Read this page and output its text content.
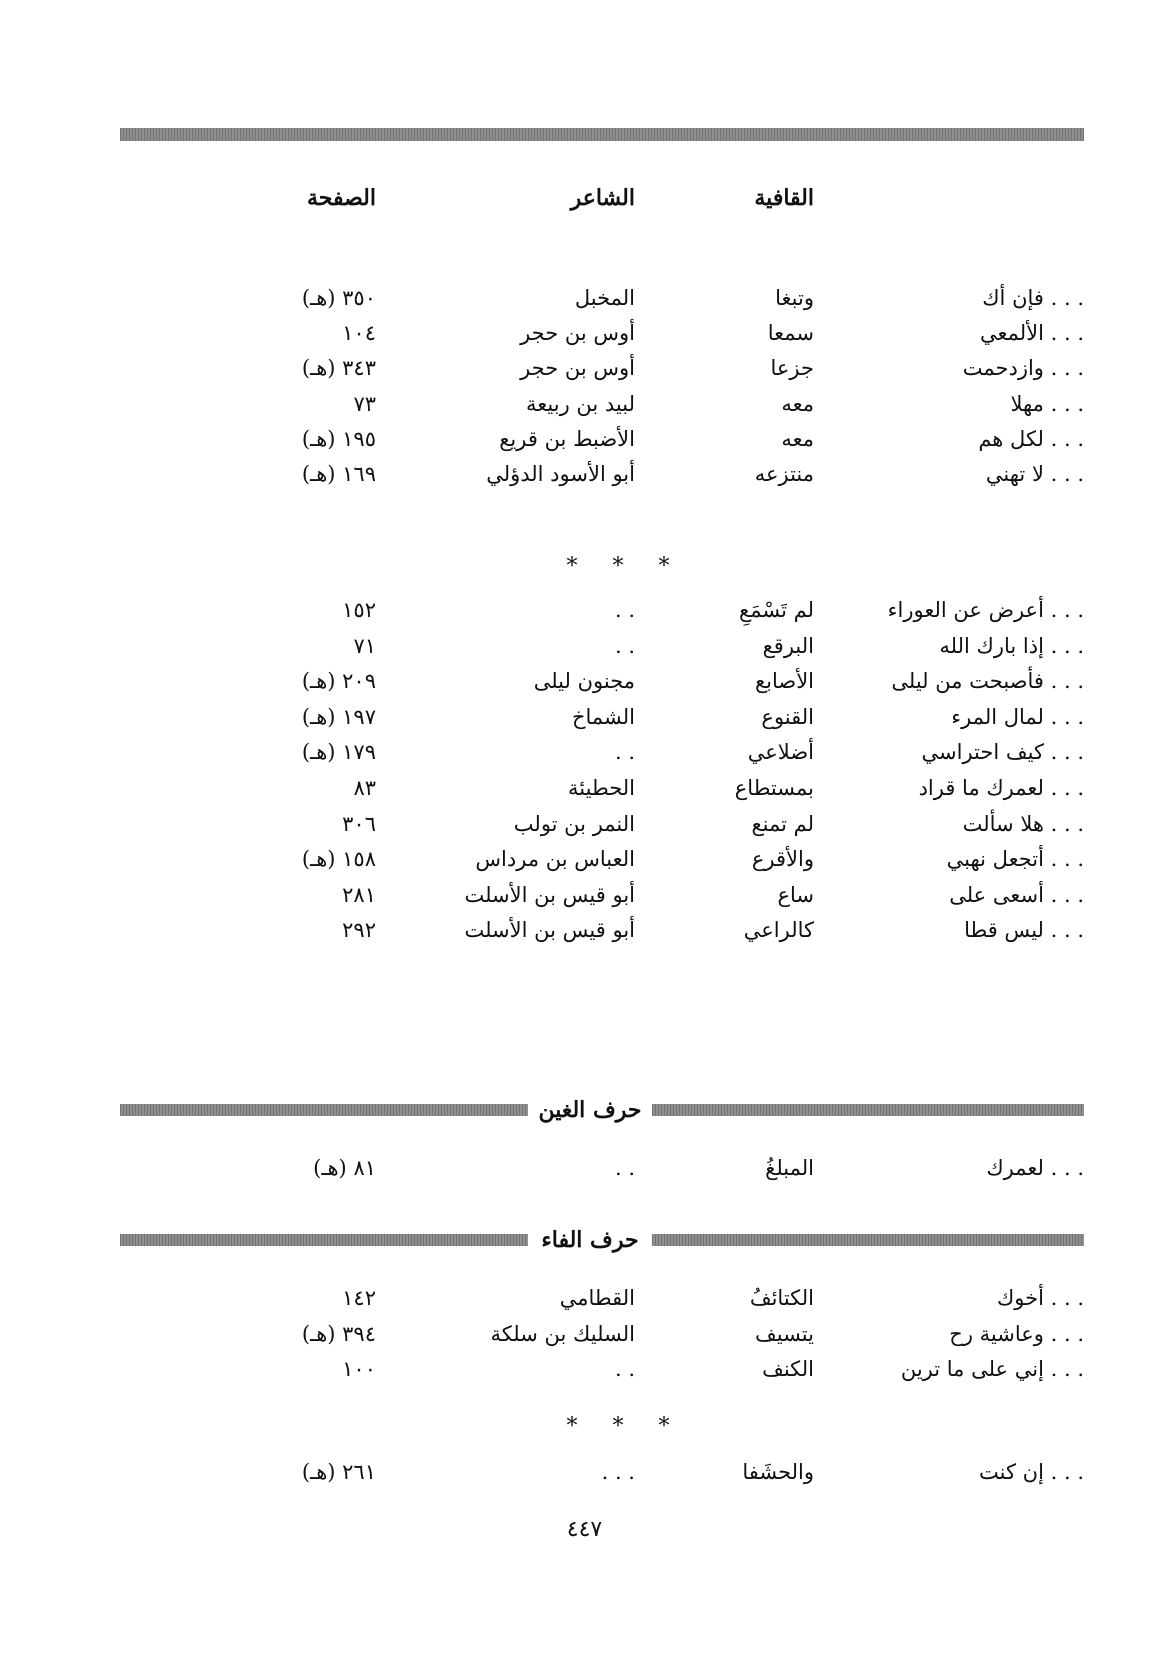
القافية
الشاعر
الصفحة
فإن أك . . .
وتبغا
المخبل
٣٥٠ (هـ)
الألمعي . . .
سمعا
أوس بن حجر
١٠٤
وازدحمت . . .
جزعا
أوس بن حجر
٣٤٣ (هـ)
مهلا . . .
معه
لبيد بن ربيعة
٧٣
لكل هم . . .
معه
الأضبط بن قريع
١٩٥ (هـ)
لا تهني . . .
منتزعه
أبو الأسود الدؤلي
١٦٩ (هـ)
أعرض عن العوراء . . .
لم تَسْمَعِ
. .
١٥٢
إذا بارك الله . . .
البرقع
. .
٧١
فأصبحت من ليلى . . .
الأصابع
مجنون ليلى
٢٠٩ (هـ)
لمال المرء . . .
القنوع
الشماخ
١٩٧ (هـ)
كيف احتراسي . . .
أضلاعي
. .
١٧٩ (هـ)
لعمرك ما قراد . . .
بمستطاع
الحطيئة
٨٣
هلا سألت . . .
لم تمنع
النمر بن تولب
٣٠٦
أتجعل نهبي . . .
والأقرع
العباس بن مرداس
١٥٨ (هـ)
أسعى على . . .
ساع
أبو قيس بن الأسلت
٢٨١
ليس قطا . . .
كالراعي
أبو قيس بن الأسلت
٢٩٢
لعمرك . . .
المبلغُ
. .
٨١ (هـ)
أخوك . . .
الكتائفُ
القطامي
١٤٢
وعاشية رح . . .
يتسيف
السليك بن سلكة
٣٩٤ (هـ)
إني على ما ترين . . .
الكنف
. .
١٠٠
إن كنت . . .
والحشَفا
. . .
٢٦١ (هـ)
* * *
حرف الغين
حرف الفاء
* * *
٤٤٧
